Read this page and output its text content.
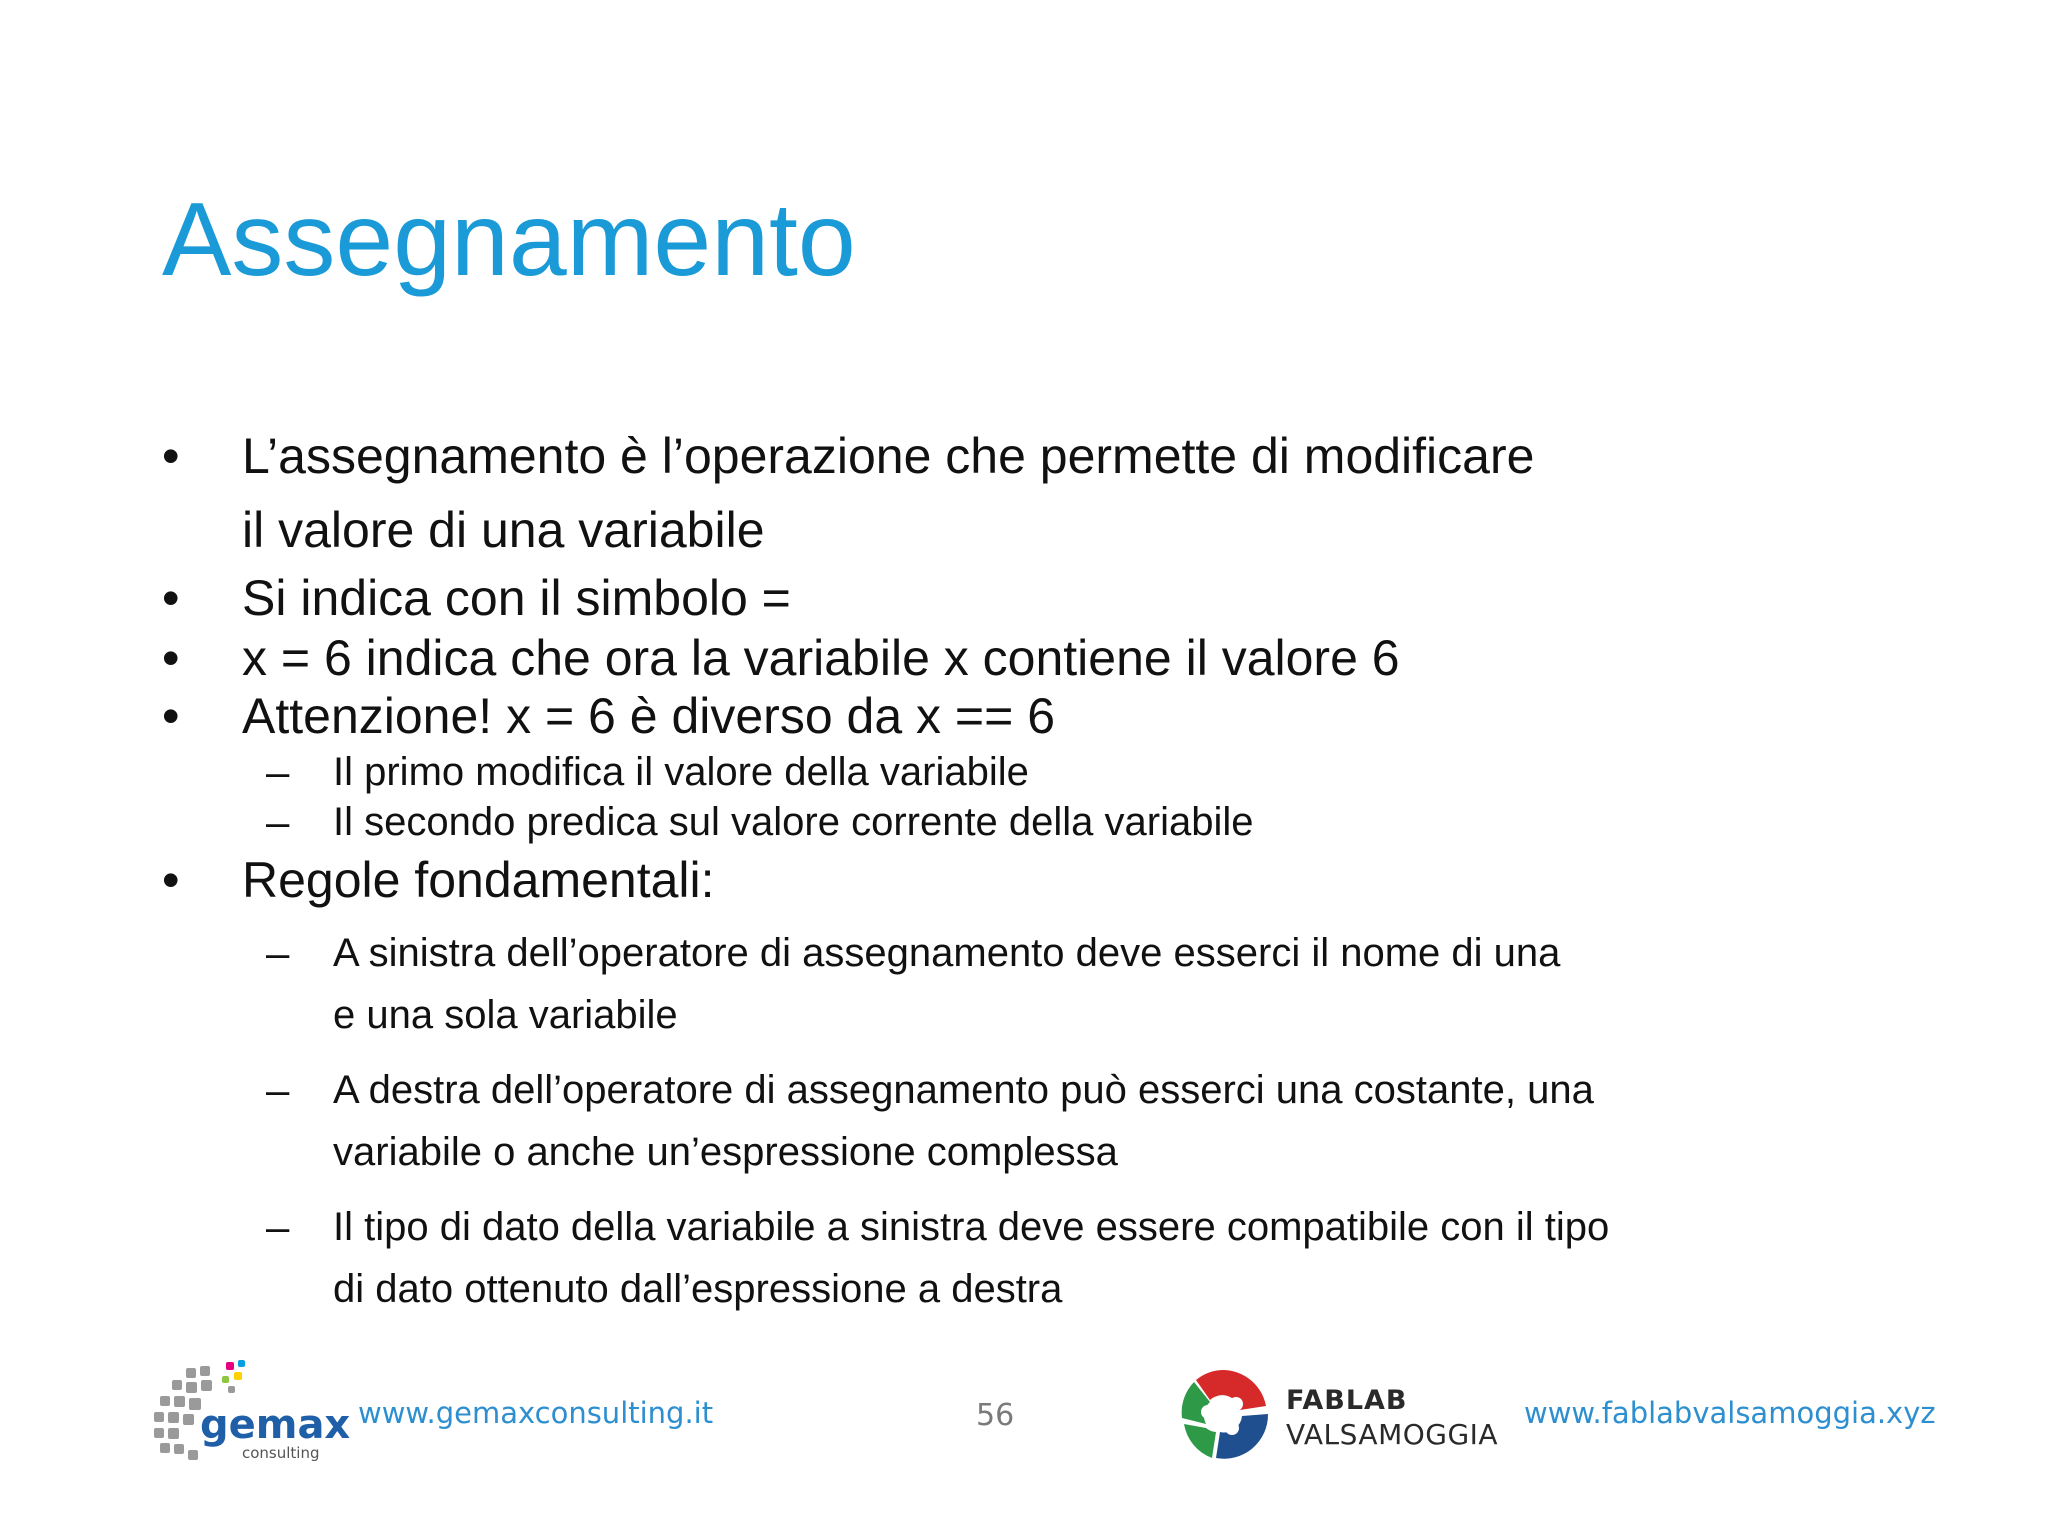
Assegnamento
• L’assegnamento è l’operazione che permette di modificare
il valore di una variabile
• Si indica con il simbolo =
• x = 6 indica che ora la variabile x contiene il valore 6
• Attenzione! x = 6 è diverso da x == 6
– Il primo modifica il valore della variabile
– Il secondo predica sul valore corrente della variabile
• Regole fondamentali:
– A sinistra dell’operatore di assegnamento deve esserci il nome di una
e una sola variabile
– A destra dell’operatore di assegnamento può esserci una costante, una
variabile o anche un’espressione complessa
– Il tipo di dato della variabile a sinistra deve essere compatibile con il tipo
di dato ottenuto dall’espressione a destra
gemax
consulting
www.gemaxconsulting.it	56	FABLAB
VALSAMOGGIA
www.fablabvalsamoggia.xyz
